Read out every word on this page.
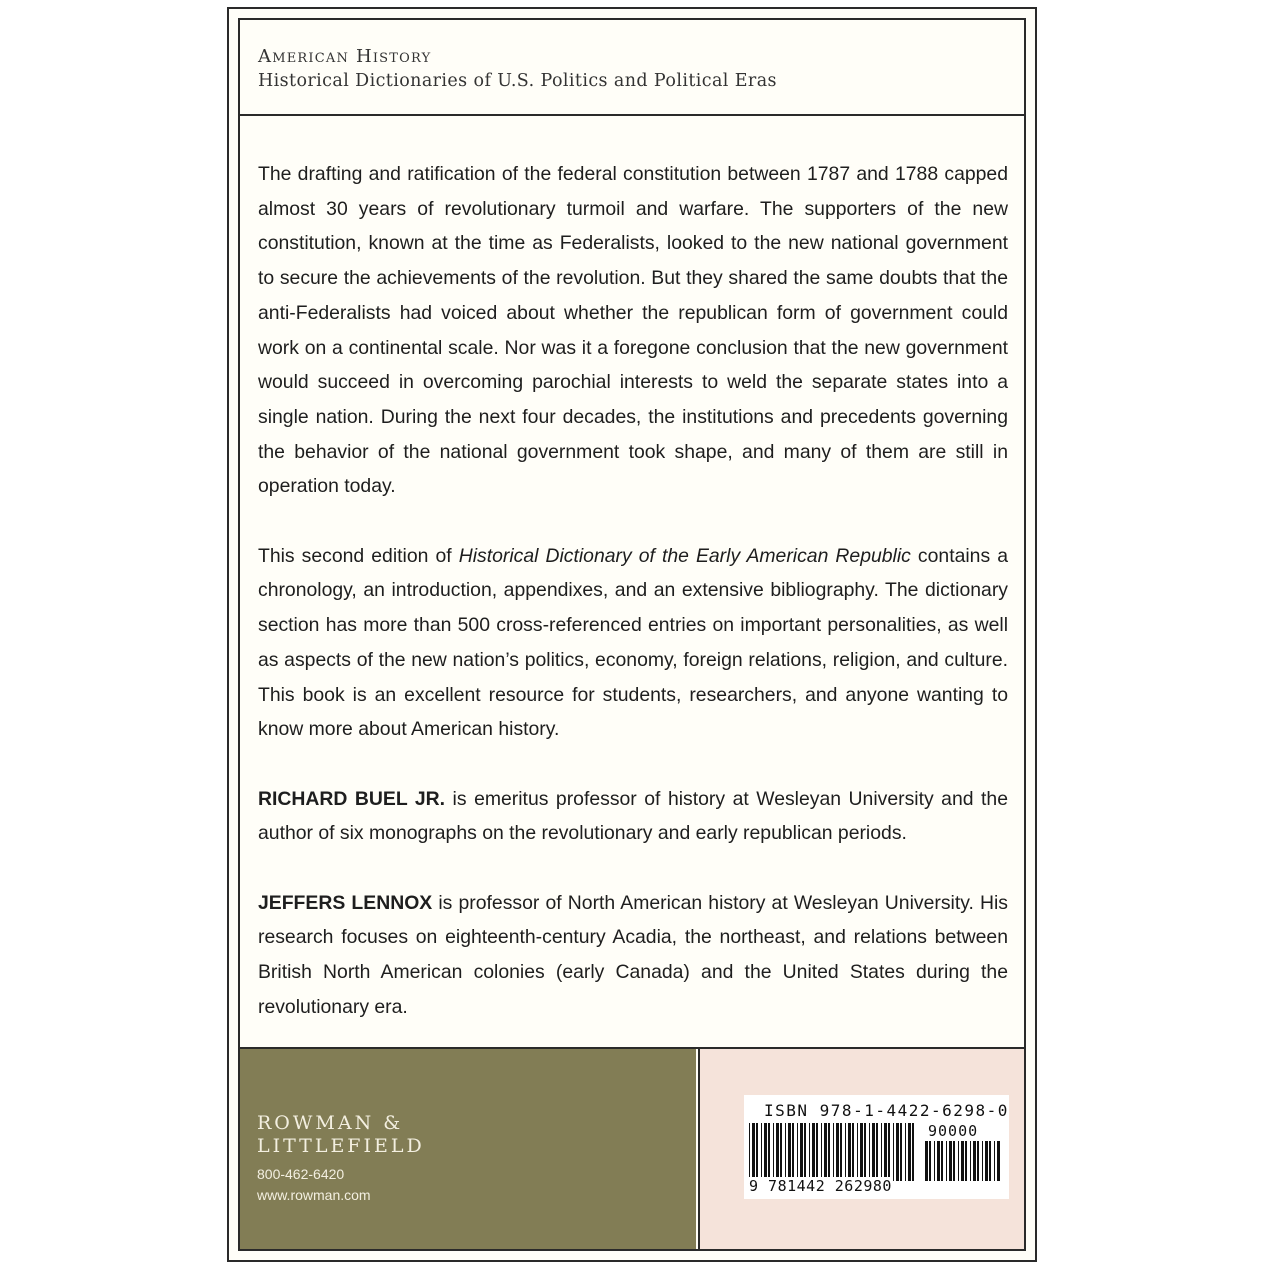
American History
Historical Dictionaries of U.S. Politics and Political Eras

The drafting and ratification of the federal constitution between 1787 and 1788 capped almost 30 years of revolutionary turmoil and warfare. The supporters of the new constitution, known at the time as Federalists, looked to the new national government to secure the achievements of the revolution. But they shared the same doubts that the anti-Federalists had voiced about whether the republican form of government could work on a continental scale. Nor was it a foregone conclusion that the new government would succeed in overcoming parochial interests to weld the separate states into a single nation. During the next four decades, the institutions and precedents governing the behavior of the national government took shape, and many of them are still in operation today.

This second edition of Historical Dictionary of the Early American Republic contains a chronology, an introduction, appendixes, and an extensive bibliography. The dictionary section has more than 500 cross-referenced entries on important personalities, as well as aspects of the new nation’s politics, economy, foreign relations, religion, and culture. This book is an excellent resource for students, researchers, and anyone wanting to know more about American history.

RICHARD BUEL JR. is emeritus professor of history at Wesleyan University and the author of six monographs on the revolutionary and early republican periods.

JEFFERS LENNOX is professor of North American history at Wesleyan University. His research focuses on eighteenth-century Acadia, the northeast, and relations between British North American colonies (early Canada) and the United States during the revolutionary era.

ROWMAN &
LITTLEFIELD
800-462-6420
www.rowman.com
ISBN 978-1-4422-6298-0
90000
9 781442 262980
